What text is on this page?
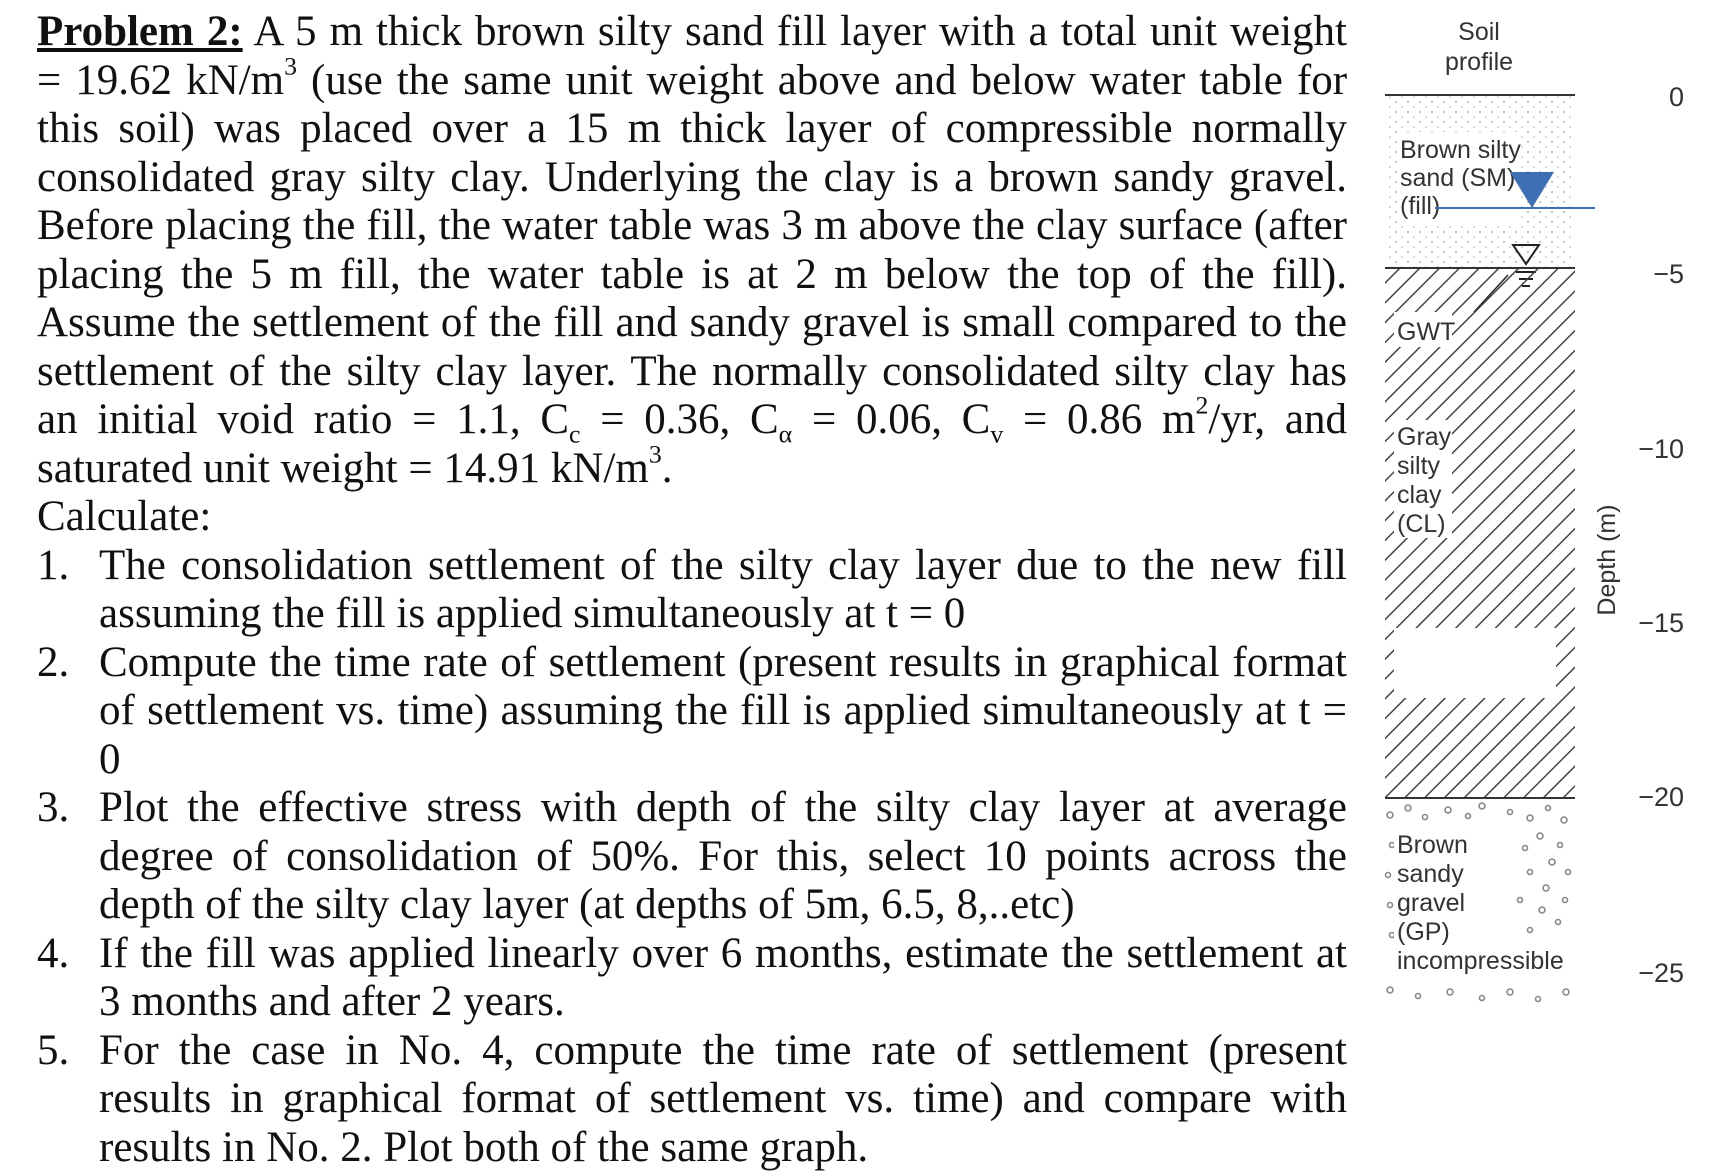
Problem 2: A 5 m thick brown silty sand fill layer with a total unit weight = 19.62 $kN/m^3$ (use the same unit weight above and below water table for this soil) was placed over a 15 m thick layer of compressible normally consolidated gray silty clay. Underlying the clay is a brown sandy gravel. Before placing the fill, the water table was 3 m above the clay surface (after placing the 5 m fill, the water table is at 2 m below the top of the fill). Assume the settlement of the fill and sandy gravel is small compared to the settlement of the silty clay layer. The normally consolidated silty clay has an initial void ratio = 1.1, $C_c = 0.36$, $C_\alpha = 0.06$, $C_v = 0.86$ $m^2/yr$, and saturated unit weight = 14.91 $kN/m^3$.

Calculate:

1. The consolidation settlement of the silty clay layer due to the new fill assuming the fill is applied simultaneously at t = 0
2. Compute the time rate of settlement (present results in graphical format of settlement vs. time) assuming the fill is applied simultaneously at t = 0
3. Plot the effective stress with depth of the silty clay layer at average degree of consolidation of 50%. For this, select 10 points across the depth of the silty clay layer (at depths of 5m, 6.5, 8,..etc)
4. If the fill was applied linearly over 6 months, estimate the settlement at 3 months and after 2 years.
5. For the case in No. 4, compute the time rate of settlement (present results in graphical format of settlement vs. time) and compare with results in No. 2. Plot both of the same graph.
Soil
profile
Brown silty
sand (SM)
(fill)
GWT
Gray
silty
clay
(CL)
Brown
sandy
gravel
(GP)
incompressible
Depth (m)
0
−5
−10
−15
−20
−25
